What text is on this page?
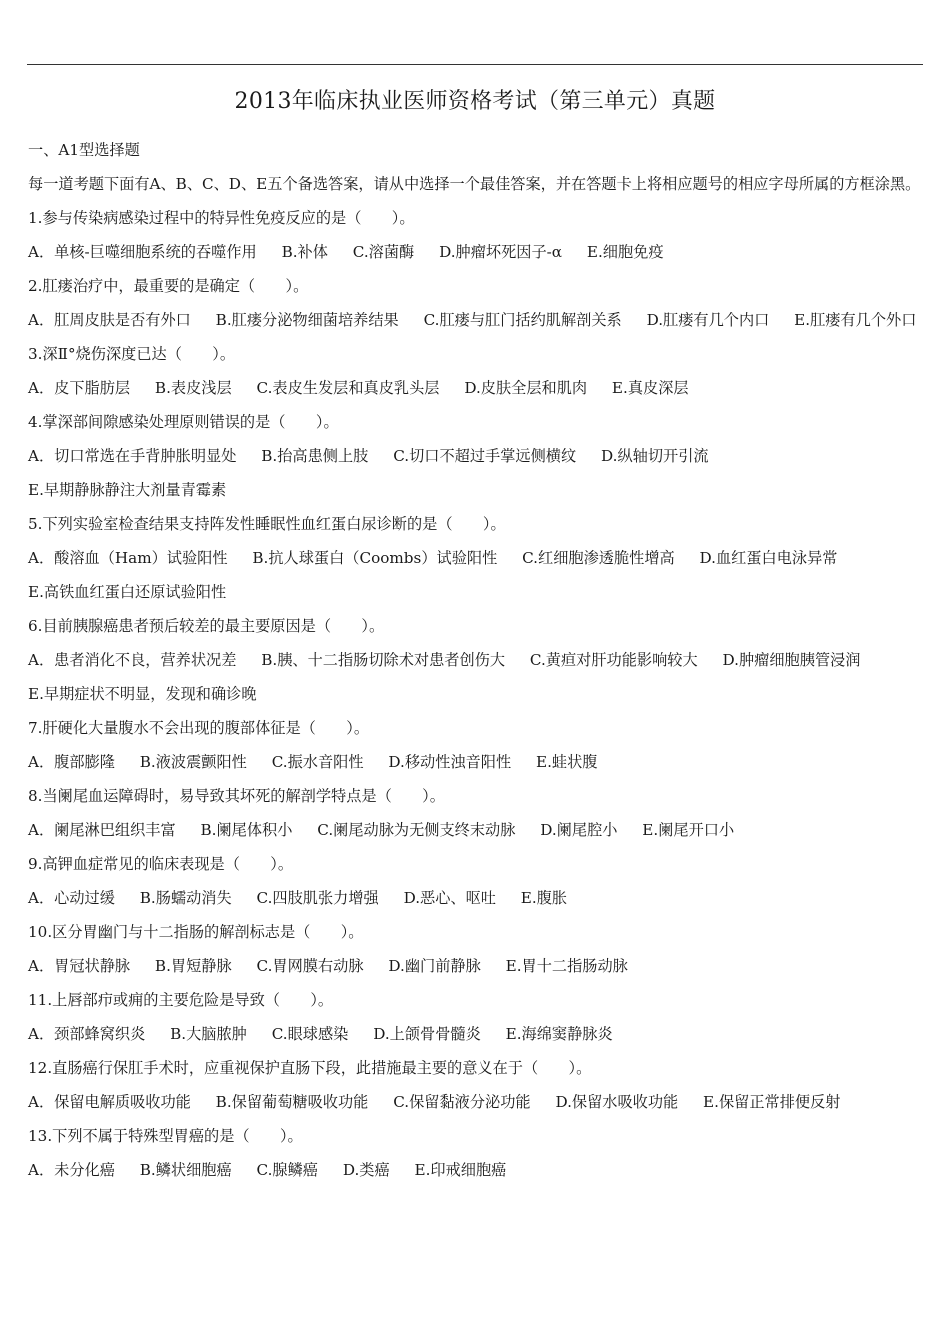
2013年临床执业医师资格考试（第三单元）真题
一、A1型选择题
每一道考题下面有A、B、C、D、E五个备选答案，请从中选择一个最佳答案，并在答题卡上将相应题号的相应字母所属的方框涂黑。
1.参与传染病感染过程中的特异性免疫反应的是（　　）。
A．单核-巨噬细胞系统的吞噬作用 B.补体 C.溶菌酶 D.肿瘤坏死因子-α E.细胞免疫
2.肛瘘治疗中，最重要的是确定（　　）。
A．肛周皮肤是否有外口 B.肛瘘分泌物细菌培养结果 C.肛瘘与肛门括约肌解剖关系 D.肛瘘有几个内口 E.肛瘘有几个外口
3.深Ⅱ°烧伤深度已达（　　）。
A．皮下脂肪层 B.表皮浅层 C.表皮生发层和真皮乳头层 D.皮肤全层和肌肉 E.真皮深层
4.掌深部间隙感染处理原则错误的是（　　）。
A．切口常选在手背肿胀明显处 B.抬高患侧上肢 C.切口不超过手掌远侧横纹 D.纵轴切开引流 E.早期静脉静注大剂量青霉素
5.下列实验室检查结果支持阵发性睡眠性血红蛋白尿诊断的是（　　）。
A．酸溶血（Ham）试验阳性 B.抗人球蛋白（Coombs）试验阳性 C.红细胞渗透脆性增高 D.血红蛋白电泳异常 E.高铁血红蛋白还原试验阳性
6.目前胰腺癌患者预后较差的最主要原因是（　　）。
A．患者消化不良，营养状况差 B.胰、十二指肠切除术对患者创伤大 C.黄疸对肝功能影响较大 D.肿瘤细胞胰管浸润 E.早期症状不明显，发现和确诊晚
7.肝硬化大量腹水不会出现的腹部体征是（　　）。
A．腹部膨隆 B.液波震颤阳性 C.振水音阳性 D.移动性浊音阳性 E.蛙状腹
8.当阑尾血运障碍时，易导致其坏死的解剖学特点是（　　）。
A．阑尾淋巴组织丰富 B.阑尾体积小 C.阑尾动脉为无侧支终末动脉 D.阑尾腔小 E.阑尾开口小
9.高钾血症常见的临床表现是（　　）。
A．心动过缓 B.肠蠕动消失 C.四肢肌张力增强 D.恶心、呕吐 E.腹胀
10.区分胃幽门与十二指肠的解剖标志是（　　）。
A．胃冠状静脉 B.胃短静脉 C.胃网膜右动脉 D.幽门前静脉 E.胃十二指肠动脉
11.上唇部疖或痈的主要危险是导致（　　）。
A．颈部蜂窝织炎 B.大脑脓肿 C.眼球感染 D.上颌骨骨髓炎 E.海绵窦静脉炎
12.直肠癌行保肛手术时，应重视保护直肠下段，此措施最主要的意义在于（　　）。
A．保留电解质吸收功能 B.保留葡萄糖吸收功能 C.保留黏液分泌功能 D.保留水吸收功能 E.保留正常排便反射
13.下列不属于特殊型胃癌的是（　　）。
A．未分化癌 B.鳞状细胞癌 C.腺鳞癌 D.类癌 E.印戒细胞癌
